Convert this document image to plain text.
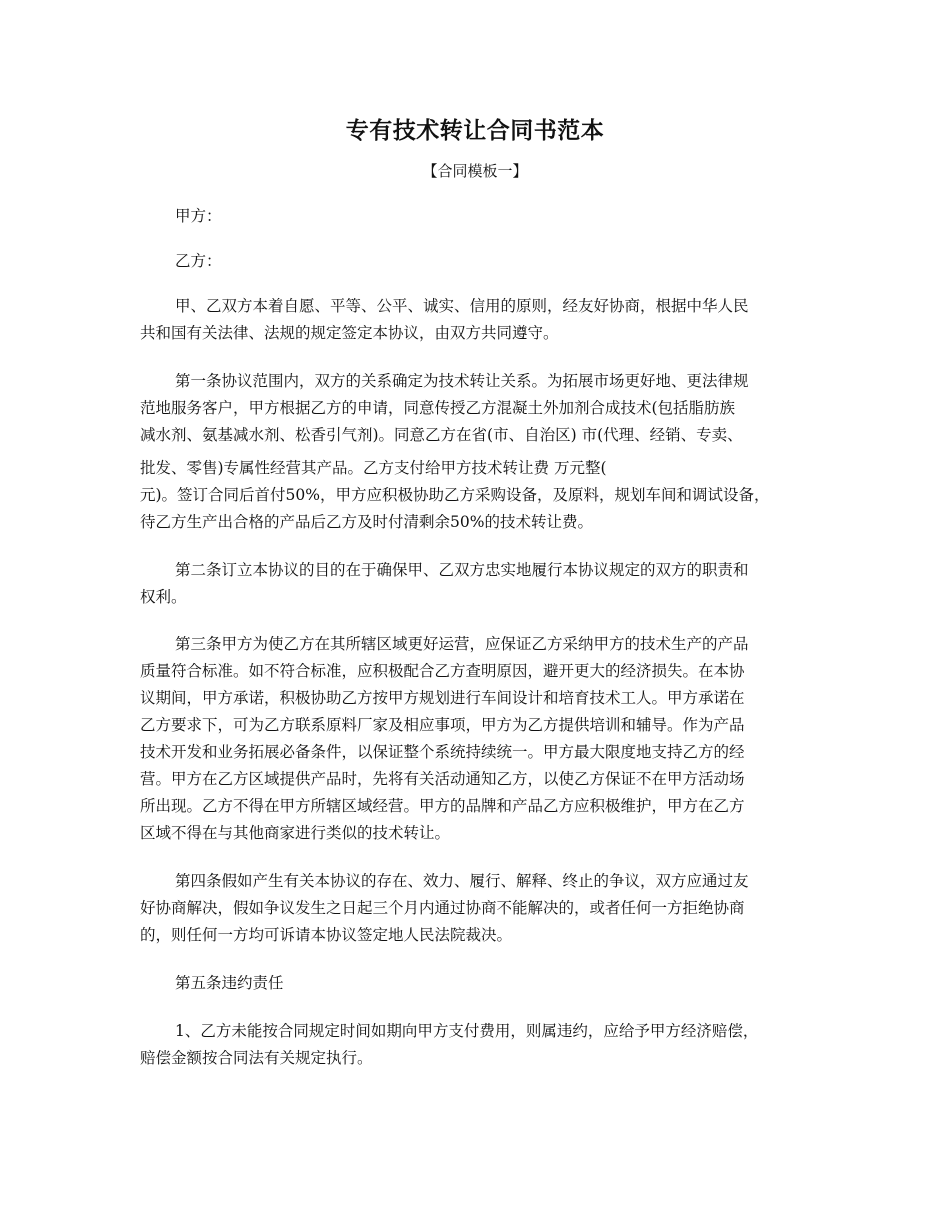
专有技术转让合同书范本
【合同模板一】
甲方：
乙方：
甲、乙双方本着自愿、平等、公平、诚实、信用的原则，经友好协商，根据中华人民
共和国有关法律、法规的规定签定本协议，由双方共同遵守。
第一条协议范围内，双方的关系确定为技术转让关系。为拓展市场更好地、更法律规
范地服务客户，甲方根据乙方的申请，同意传授乙方混凝土外加剂合成技术(包括脂肪族
减水剂、氨基减水剂、松香引气剂)。同意乙方在省(市、自治区) 市(代理、经销、专卖、
批发、零售)专属性经营其产品。乙方支付给甲方技术转让费 万元整(
元)。签订合同后首付50%，甲方应积极协助乙方采购设备，及原料，规划车间和调试设备，
待乙方生产出合格的产品后乙方及时付清剩余50%的技术转让费。
第二条订立本协议的目的在于确保甲、乙双方忠实地履行本协议规定的双方的职责和
权利。
第三条甲方为使乙方在其所辖区域更好运营，应保证乙方采纳甲方的技术生产的产品
质量符合标准。如不符合标准，应积极配合乙方查明原因，避开更大的经济损失。在本协
议期间，甲方承诺，积极协助乙方按甲方规划进行车间设计和培育技术工人。甲方承诺在
乙方要求下，可为乙方联系原料厂家及相应事项，甲方为乙方提供培训和辅导。作为产品
技术开发和业务拓展必备条件，以保证整个系统持续统一。甲方最大限度地支持乙方的经
营。甲方在乙方区域提供产品时，先将有关活动通知乙方，以使乙方保证不在甲方活动场
所出现。乙方不得在甲方所辖区域经营。甲方的品牌和产品乙方应积极维护，甲方在乙方
区域不得在与其他商家进行类似的技术转让。
第四条假如产生有关本协议的存在、效力、履行、解释、终止的争议，双方应通过友
好协商解决，假如争议发生之日起三个月内通过协商不能解决的，或者任何一方拒绝协商
的，则任何一方均可诉请本协议签定地人民法院裁决。
第五条违约责任
1、乙方未能按合同规定时间如期向甲方支付费用，则属违约，应给予甲方经济赔偿，
赔偿金额按合同法有关规定执行。
